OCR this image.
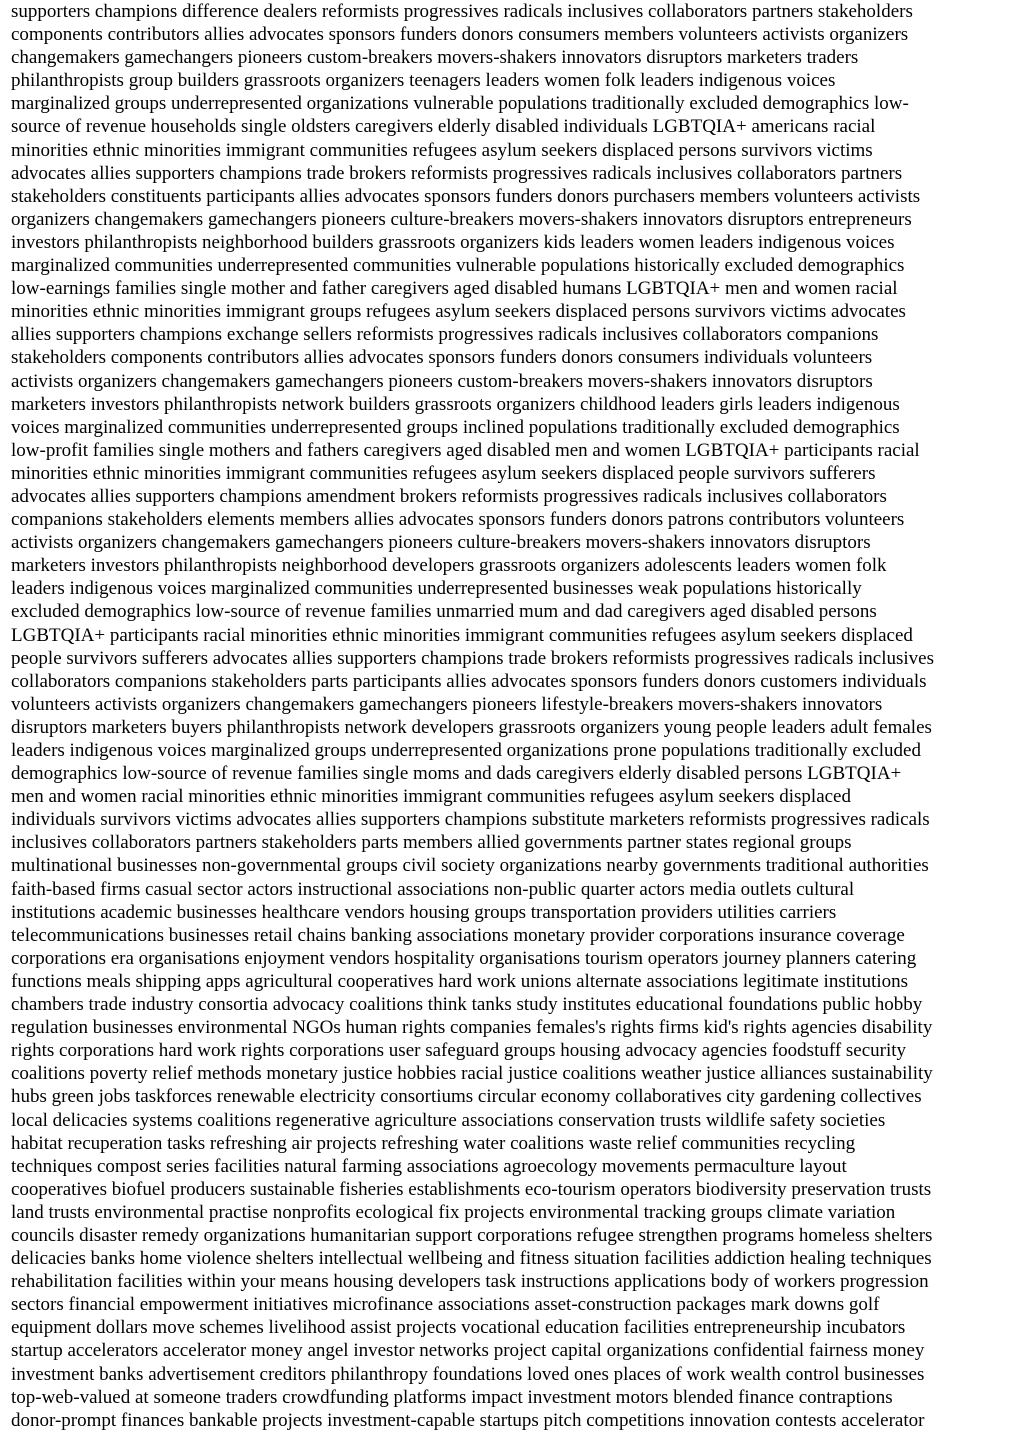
supporters champions difference dealers reformists progressives radicals inclusives collaborators partners stakeholders
components contributors allies advocates sponsors funders donors consumers members volunteers activists organizers
changemakers gamechangers pioneers custom-breakers movers-shakers innovators disruptors marketers traders
philanthropists group builders grassroots organizers teenagers leaders women folk leaders indigenous voices
marginalized groups underrepresented organizations vulnerable populations traditionally excluded demographics low-
source of revenue households single oldsters caregivers elderly disabled individuals LGBTQIA+ americans racial
minorities ethnic minorities immigrant communities refugees asylum seekers displaced persons survivors victims
advocates allies supporters champions trade brokers reformists progressives radicals inclusives collaborators partners
stakeholders constituents participants allies advocates sponsors funders donors purchasers members volunteers activists
organizers changemakers gamechangers pioneers culture-breakers movers-shakers innovators disruptors entrepreneurs
investors philanthropists neighborhood builders grassroots organizers kids leaders women leaders indigenous voices
marginalized communities underrepresented communities vulnerable populations historically excluded demographics
low-earnings families single mother and father caregivers aged disabled humans LGBTQIA+ men and women racial
minorities ethnic minorities immigrant groups refugees asylum seekers displaced persons survivors victims advocates
allies supporters champions exchange sellers reformists progressives radicals inclusives collaborators companions
stakeholders components contributors allies advocates sponsors funders donors consumers individuals volunteers
activists organizers changemakers gamechangers pioneers custom-breakers movers-shakers innovators disruptors
marketers investors philanthropists network builders grassroots organizers childhood leaders girls leaders indigenous
voices marginalized communities underrepresented groups inclined populations traditionally excluded demographics
low-profit families single mothers and fathers caregivers aged disabled men and women LGBTQIA+ participants racial
minorities ethnic minorities immigrant communities refugees asylum seekers displaced people survivors sufferers
advocates allies supporters champions amendment brokers reformists progressives radicals inclusives collaborators
companions stakeholders elements members allies advocates sponsors funders donors patrons contributors volunteers
activists organizers changemakers gamechangers pioneers culture-breakers movers-shakers innovators disruptors
marketers investors philanthropists neighborhood developers grassroots organizers adolescents leaders women folk
leaders indigenous voices marginalized communities underrepresented businesses weak populations historically
excluded demographics low-source of revenue families unmarried mum and dad caregivers aged disabled persons
LGBTQIA+ participants racial minorities ethnic minorities immigrant communities refugees asylum seekers displaced
people survivors sufferers advocates allies supporters champions trade brokers reformists progressives radicals inclusives
collaborators companions stakeholders parts participants allies advocates sponsors funders donors customers individuals
volunteers activists organizers changemakers gamechangers pioneers lifestyle-breakers movers-shakers innovators
disruptors marketers buyers philanthropists network developers grassroots organizers young people leaders adult females
leaders indigenous voices marginalized groups underrepresented organizations prone populations traditionally excluded
demographics low-source of revenue families single moms and dads caregivers elderly disabled persons LGBTQIA+
men and women racial minorities ethnic minorities immigrant communities refugees asylum seekers displaced
individuals survivors victims advocates allies supporters champions substitute marketers reformists progressives radicals
inclusives collaborators partners stakeholders parts members allied governments partner states regional groups
multinational businesses non-governmental groups civil society organizations nearby governments traditional authorities
faith-based firms casual sector actors instructional associations non-public quarter actors media outlets cultural
institutions academic businesses healthcare vendors housing groups transportation providers utilities carriers
telecommunications businesses retail chains banking associations monetary provider corporations insurance coverage
corporations era organisations enjoyment vendors hospitality organisations tourism operators journey planners catering
functions meals shipping apps agricultural cooperatives hard work unions alternate associations legitimate institutions
chambers trade industry consortia advocacy coalitions think tanks study institutes educational foundations public hobby
regulation businesses environmental NGOs human rights companies females's rights firms kid's rights agencies disability
rights corporations hard work rights corporations user safeguard groups housing advocacy agencies foodstuff security
coalitions poverty relief methods monetary justice hobbies racial justice coalitions weather justice alliances sustainability
hubs green jobs taskforces renewable electricity consortiums circular economy collaboratives city gardening collectives
local delicacies systems coalitions regenerative agriculture associations conservation trusts wildlife safety societies
habitat recuperation tasks refreshing air projects refreshing water coalitions waste relief communities recycling
techniques compost series facilities natural farming associations agroecology movements permaculture layout
cooperatives biofuel producers sustainable fisheries establishments eco-tourism operators biodiversity preservation trusts
land trusts environmental practise nonprofits ecological fix projects environmental tracking groups climate variation
councils disaster remedy organizations humanitarian support corporations refugee strengthen programs homeless shelters
delicacies banks home violence shelters intellectual wellbeing and fitness situation facilities addiction healing techniques
rehabilitation facilities within your means housing developers task instructions applications body of workers progression
sectors financial empowerment initiatives microfinance associations asset-construction packages mark downs golf
equipment dollars move schemes livelihood assist projects vocational education facilities entrepreneurship incubators
startup accelerators accelerator money angel investor networks project capital organizations confidential fairness money
investment banks advertisement creditors philanthropy foundations loved ones places of work wealth control businesses
top-web-valued at someone traders crowdfunding platforms impact investment motors blended finance contraptions
donor-prompt finances bankable projects investment-capable startups pitch competitions innovation contests accelerator
